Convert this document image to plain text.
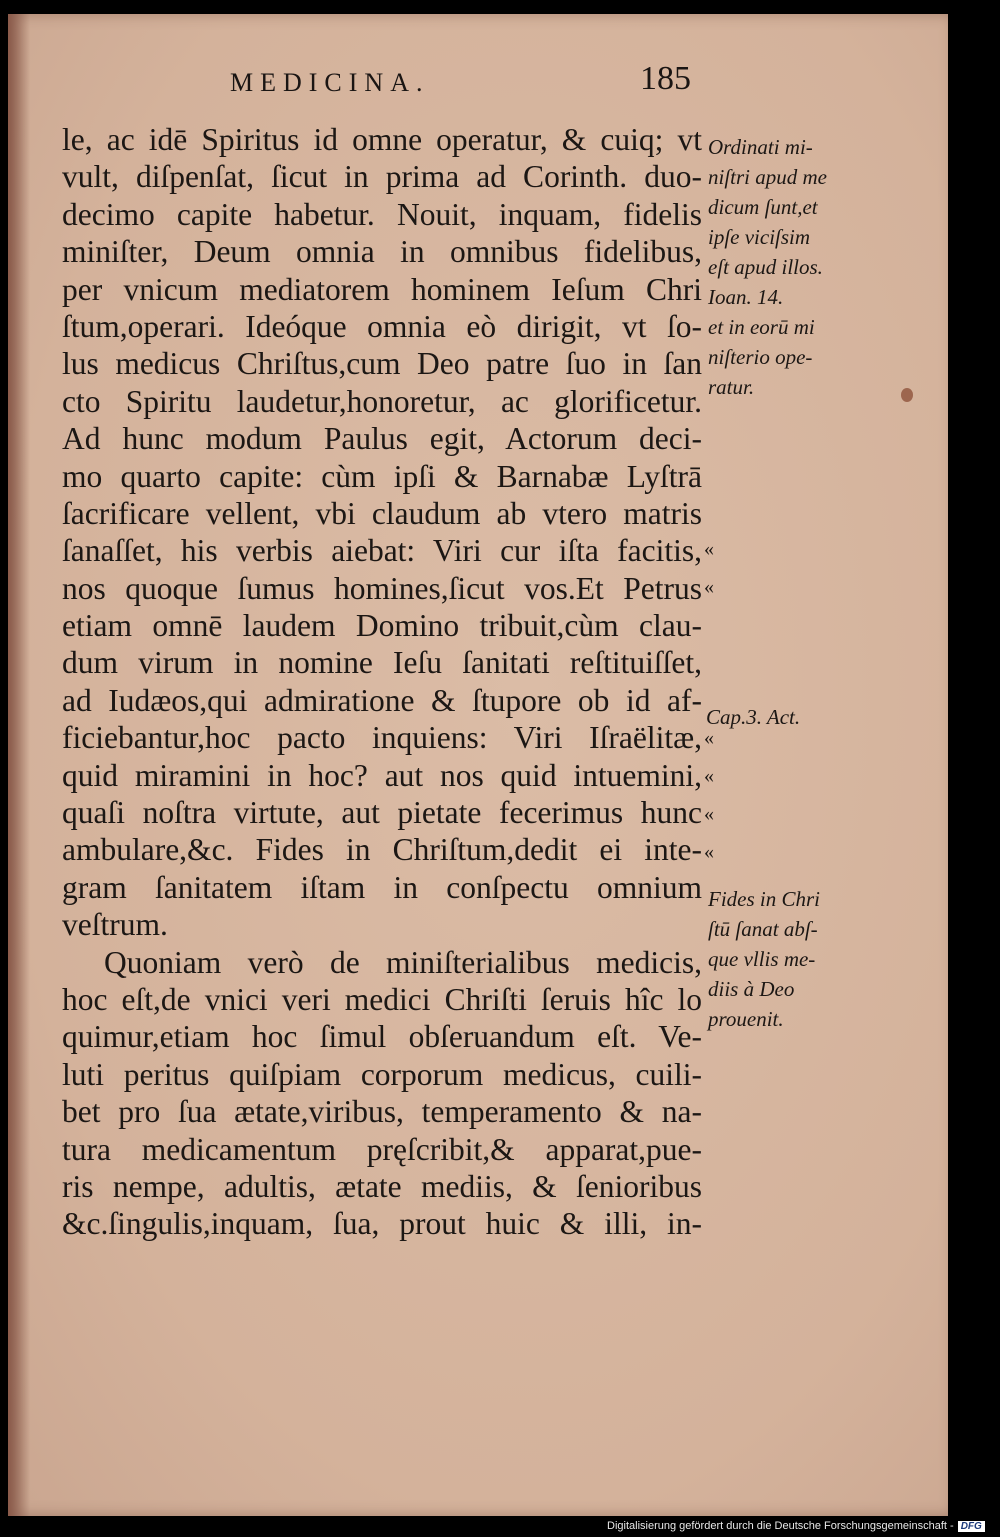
MEDICINA.	185
le, ac idē Spiritus id omne operatur, & cuiq; vt
vult, diſpenſat, ſicut in prima ad Corinth. duo-
decimo capite habetur. Nouit, inquam, fidelis
miniſter, Deum omnia in omnibus fidelibus,
per vnicum mediatorem hominem Ieſum Chri
ſtum,operari. Ideóque omnia eò dirigit, vt ſo-
lus medicus Chriſtus,cum Deo patre ſuo in ſan
cto Spiritu laudetur,honoretur, ac glorificetur.
Ad hunc modum Paulus egit, Actorum deci-
mo quarto capite: cùm ipſi & Barnabæ Lyſtrā
ſacrificare vellent, vbi claudum ab vtero matris
ſanaſſet, his verbis aiebat: Viri cur iſta facitis,
nos quoque ſumus homines,ſicut vos.Et Petrus
etiam omnē laudem Domino tribuit,cùm clau-
dum virum in nomine Ieſu ſanitati reſtituiſſet,
ad Iudæos,qui admiratione & ſtupore ob id af-
ficiebantur,hoc pacto inquiens: Viri Iſraëlitæ,
quid miramini in hoc? aut nos quid intuemini,
quaſi noſtra virtute, aut pietate fecerimus hunc
ambulare,&c. Fides in Chriſtum,dedit ei inte-
gram ſanitatem iſtam in conſpectu omnium
veſtrum.
Quoniam verò de miniſterialibus medicis,
hoc eſt,de vnici veri medici Chriſti ſeruis hîc lo
quimur,etiam hoc ſimul obſeruandum eſt. Ve-
luti peritus quiſpiam corporum medicus, cuili-
bet pro ſua ætate,viribus, temperamento & na-
tura medicamentum pręſcribit,& apparat,pue-
ris nempe, adultis, ætate mediis, & ſenioribus
&c.ſingulis,inquam, ſua, prout huic & illi, in-
Ordinati mi-
niſtri apud me
dicum ſunt,et
ipſe viciſsim
eſt apud illos.
Ioan. 14.
et in eorū mi
niſterio ope-
ratur.
Cap.3. Act.
Fides in Chri
ſtū ſanat abſ-
que vllis me-
diis à Deo
prouenit.
«
«
«
«
«
«
Digitalisierung gefördert durch die Deutsche Forschungsgemeinschaft - DFG
